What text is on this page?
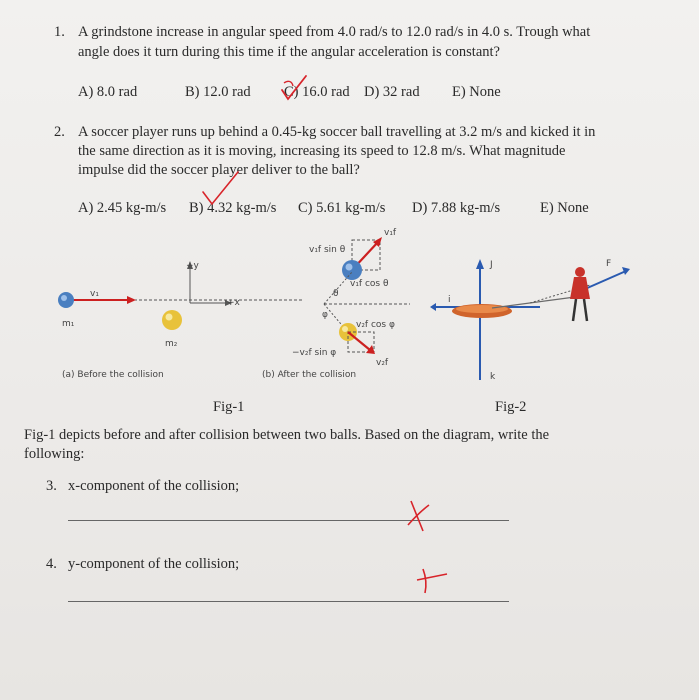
1. A grindstone increase in angular speed from 4.0 rad/s to 12.0 rad/s in 4.0 s. Trough what
angle does it turn during this time if the angular acceleration is constant?
A) 8.0 rad	B) 12.0 rad C) 16.0 rad D) 32 rad E) None
2. A soccer player runs up behind a 0.45-kg soccer ball travelling at 3.2 m/s and kicked it in
the same direction as it is moving, increasing its speed to 12.8 m/s. What magnitude
impulse did the soccer player deliver to the ball?
A) 2.45 kg-m/s B) 4.32 kg-m/s C) 5.61 kg-m/s D) 7.88 kg-m/s	E) None
v₁
m₁
m₂
+y
+x
(a) Before the collision
v₁f sin θ
v₁f
v₁f cos θ
θ
φ
v₂f cos φ
−v₂f sin φ
v₂f
(b) After the collision
J	F
i
k
Fig-1	Fig-2
Fig-1 depicts before and after collision between two balls. Based on the diagram, write the
following:
3. x-component of the collision;
4. y-component of the collision;
